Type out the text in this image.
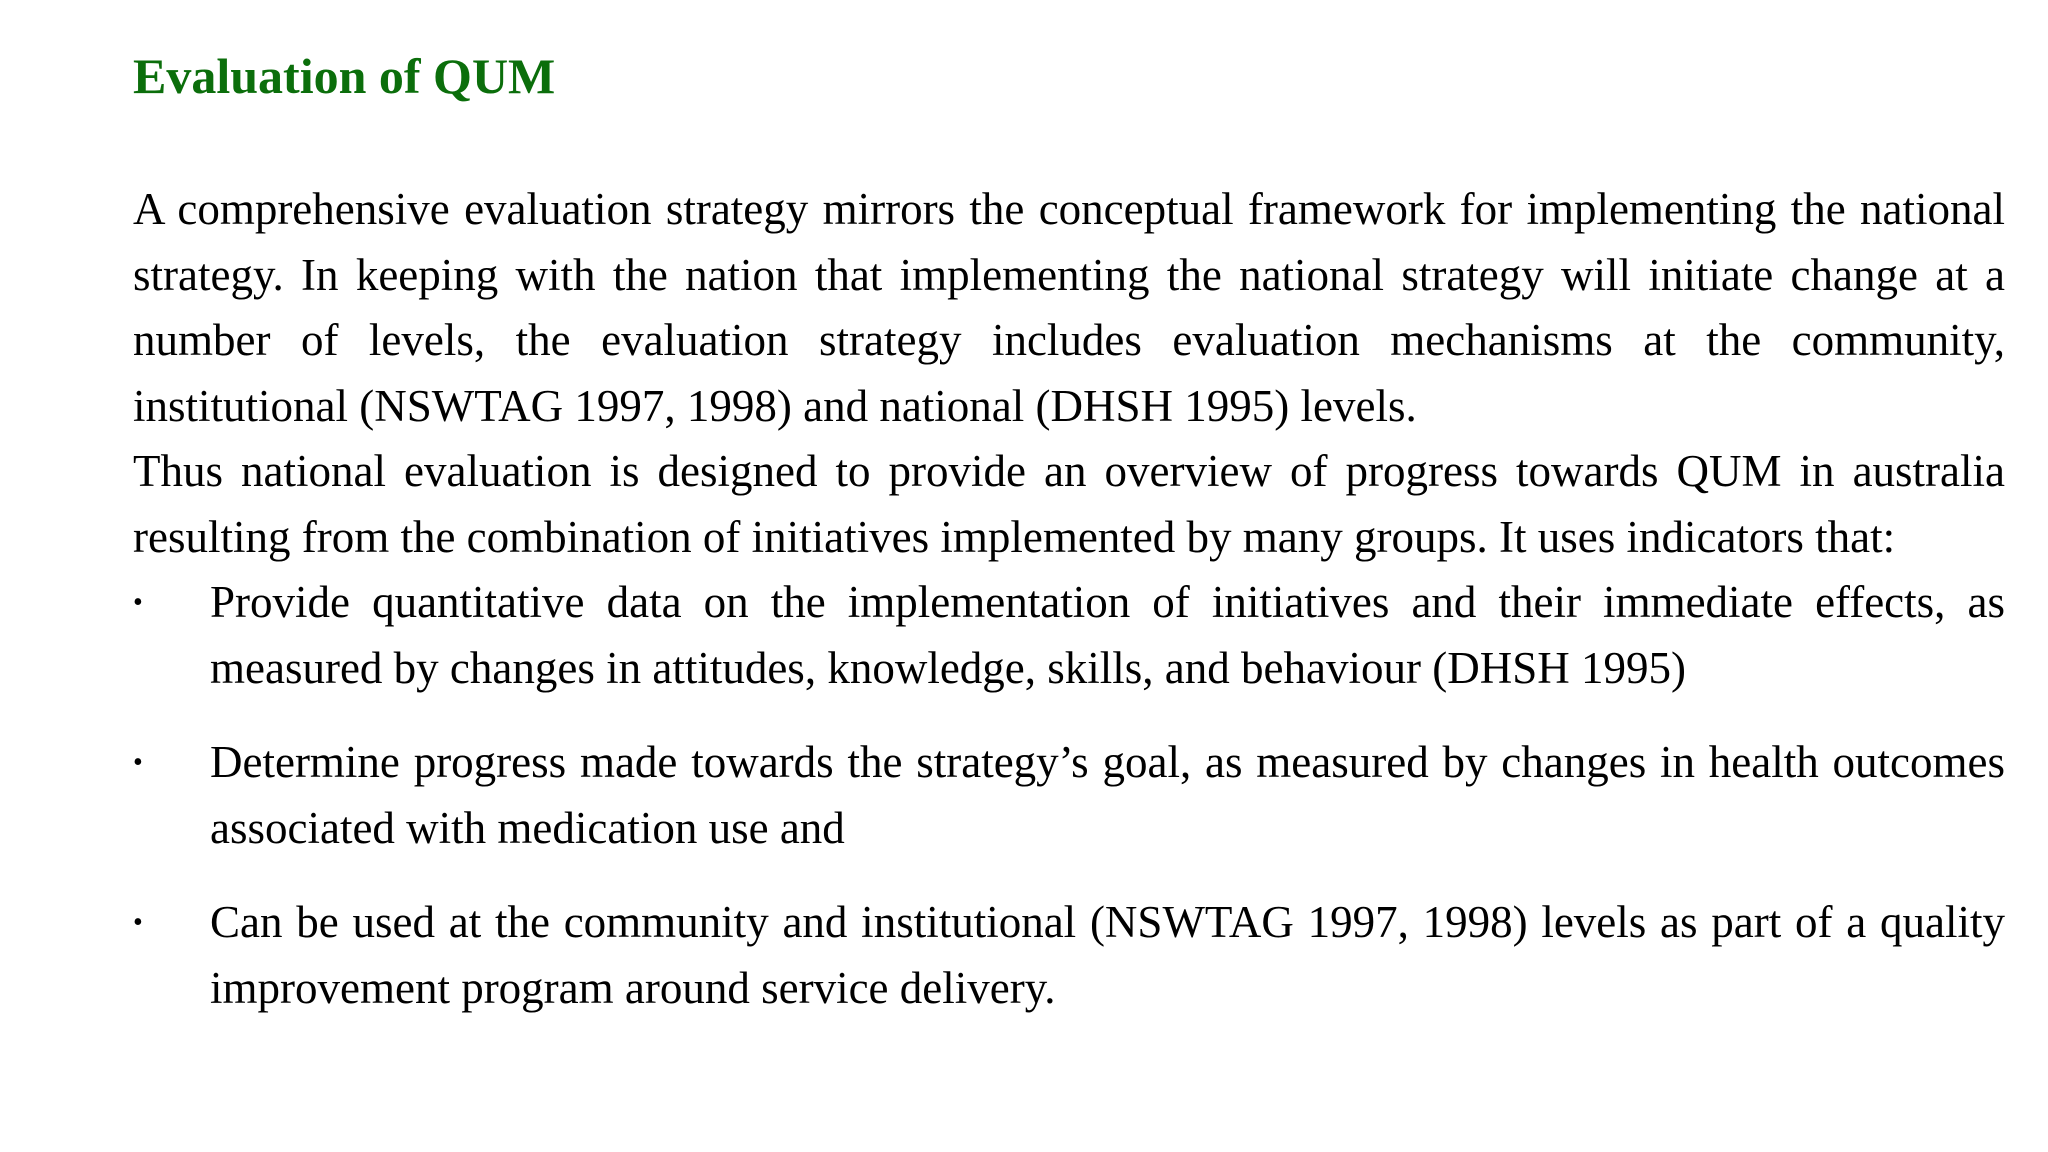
Evaluation of QUM

A comprehensive evaluation strategy mirrors the conceptual framework for implementing the national strategy. In keeping with the nation that implementing the national strategy will initiate change at a number of levels, the evaluation strategy includes evaluation mechanisms at the community, institutional (NSWTAG 1997, 1998) and national (DHSH 1995) levels.

Thus national evaluation is designed to provide an overview of progress towards QUM in australia resulting from the combination of initiatives implemented by many groups. It uses indicators that:

• Provide quantitative data on the implementation of initiatives and their immediate effects, as measured by changes in attitudes, knowledge, skills, and behaviour (DHSH 1995)
• Determine progress made towards the strategy’s goal, as measured by changes in health outcomes associated with medication use and
• Can be used at the community and institutional (NSWTAG 1997, 1998) levels as part of a quality improvement program around service delivery.
